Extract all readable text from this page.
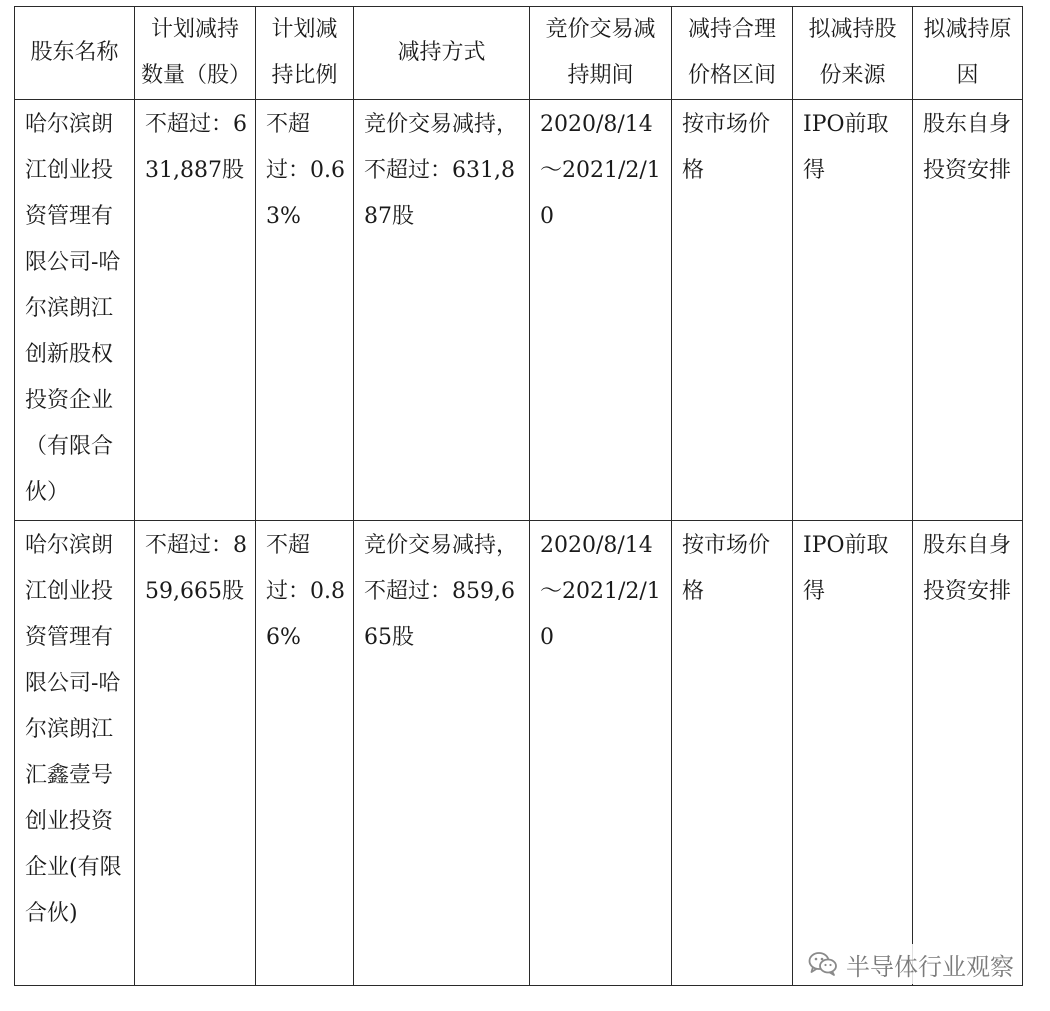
股东名称	计划减持数量（股）	计划减持比例	减持方式	竞价交易减持期间	减持合理价格区间	拟减持股份来源	拟减持原因
哈尔滨朗江创业投资管理有限公司-哈尔滨朗江创新股权投资企业（有限合伙）	不超过：631,887股	不超过：0.63%	竞价交易减持，不超过：631,887股	2020/8/14～2021/2/10	按市场价格	IPO前取得	股东自身投资安排
哈尔滨朗江创业投资管理有限公司-哈尔滨朗江汇鑫壹号创业投资企业(有限合伙)	不超过：859,665股	不超过：0.86%	竞价交易减持，不超过：859,665股	2020/8/14～2021/2/10	按市场价格	IPO前取得	股东自身投资安排
半导体行业观察
